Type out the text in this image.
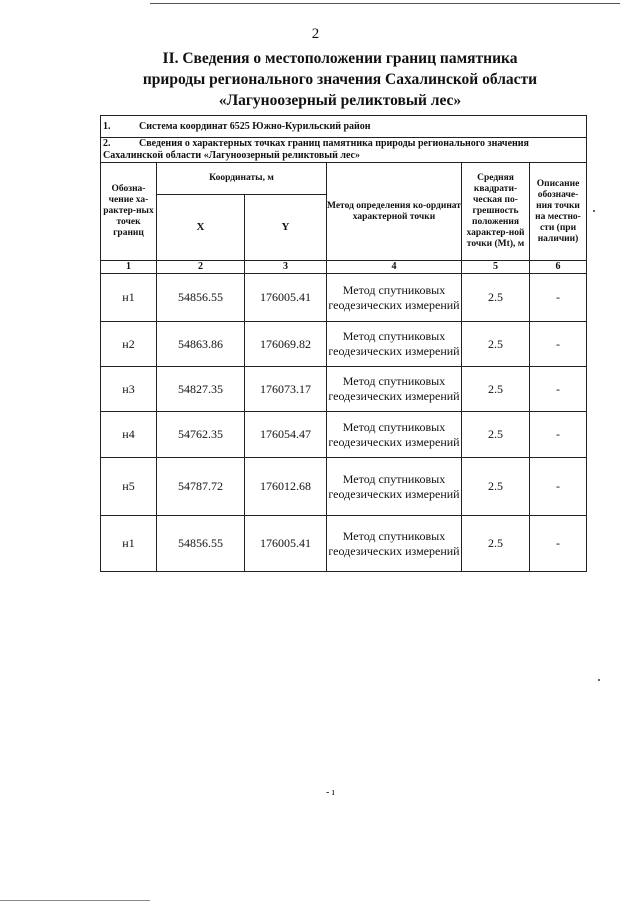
2
II. Сведения о местоположении границ памятника
природы регионального значения Сахалинской области
«Лагуноозерный реликтовый лес»
1. Система координат 6525 Южно-Курильский район					
2. Сведения о характерных точках границ памятника природы регионального значения Сахалинской области «Лагуноозерный реликтовый лес»					
Обозна-чение ха-рактер-ных точек границ	Координаты, м		Метод определения ко-ординат характерной точки	Средняя квадрати-ческая по-грешность положения характер-ной точки (Mt), м	Описание обозначе-ния точки на местно-сти (при наличии)
	X	Y			
1	2	3	4	5	6
н1	54856.55	176005.41	Метод спутниковых геодезических измерений	2.5	-
н2	54863.86	176069.82	Метод спутниковых геодезических измерений	2.5	-
н3	54827.35	176073.17	Метод спутниковых геодезических измерений	2.5	-
н4	54762.35	176054.47	Метод спутниковых геодезических измерений	2.5	-
н5	54787.72	176012.68	Метод спутниковых геодезических измерений	2.5	-
н1	54856.55	176005.41	Метод спутниковых геодезических измерений	2.5	-
- ı
